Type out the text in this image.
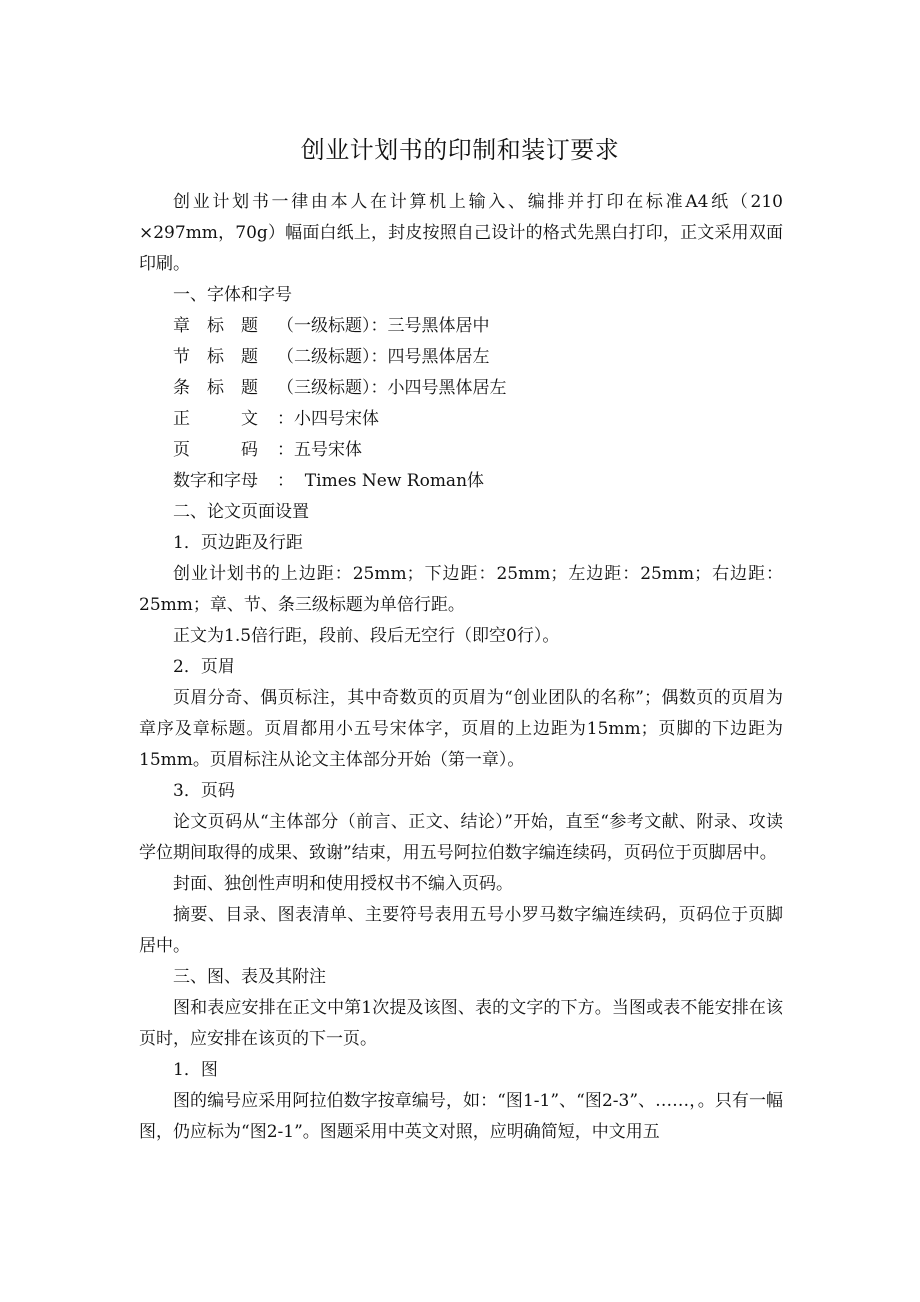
创业计划书的印制和装订要求

创业计划书一律由本人在计算机上输入、编排并打印在标准A4纸（210 ×297mm，70g）幅面白纸上，封皮按照自己设计的格式先黑白打印，正文采用双面印刷。

一、字体和字号

章　标　题 （一级标题）：三号黑体居中
节　标　题 （二级标题）：四号黑体居左
条　标　题 （三级标题）：小四号黑体居左
正　　　文 ：小四号宋体
页　　　码 ：五号宋体
数字和字母 ：  Times New Roman体

二、论文页面设置

1．页边距及行距

创业计划书的上边距：25mm；下边距：25mm；左边距：25mm；右边距：25mm；章、节、条三级标题为单倍行距。

正文为1.5倍行距，段前、段后无空行（即空0行）。

2．页眉

页眉分奇、偶页标注，其中奇数页的页眉为“创业团队的名称”；偶数页的页眉为章序及章标题。页眉都用小五号宋体字，页眉的上边距为15mm；页脚的下边距为15mm。页眉标注从论文主体部分开始（第一章）。

3．页码

论文页码从“主体部分（前言、正文、结论）”开始，直至“参考文献、附录、攻读学位期间取得的成果、致谢”结束，用五号阿拉伯数字编连续码，页码位于页脚居中。

封面、独创性声明和使用授权书不编入页码。

摘要、目录、图表清单、主要符号表用五号小罗马数字编连续码，页码位于页脚居中。

三、图、表及其附注

图和表应安排在正文中第1次提及该图、表的文字的下方。当图或表不能安排在该页时，应安排在该页的下一页。

1．图

图的编号应采用阿拉伯数字按章编号，如：“图1-1”、“图2-3”、……，。只有一幅图，仍应标为“图2-1”。图题采用中英文对照，应明确简短，中文用五
